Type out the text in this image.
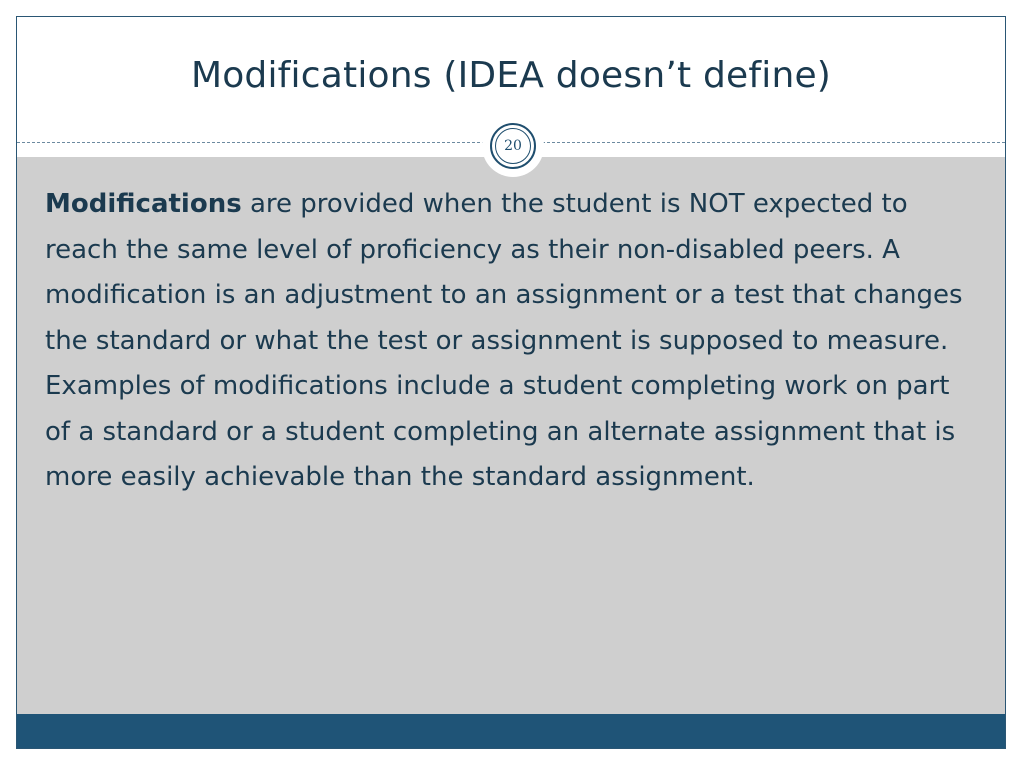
Modifications (IDEA doesn’t define)
20

Modifications are provided when the student is NOT expected to reach the same level of proficiency as their non-disabled peers. A modification is an adjustment to an assignment or a test that changes the standard or what the test or assignment is supposed to measure. Examples of modifications include a student completing work on part of a standard or a student completing an alternate assignment that is more easily achievable than the standard assignment.
